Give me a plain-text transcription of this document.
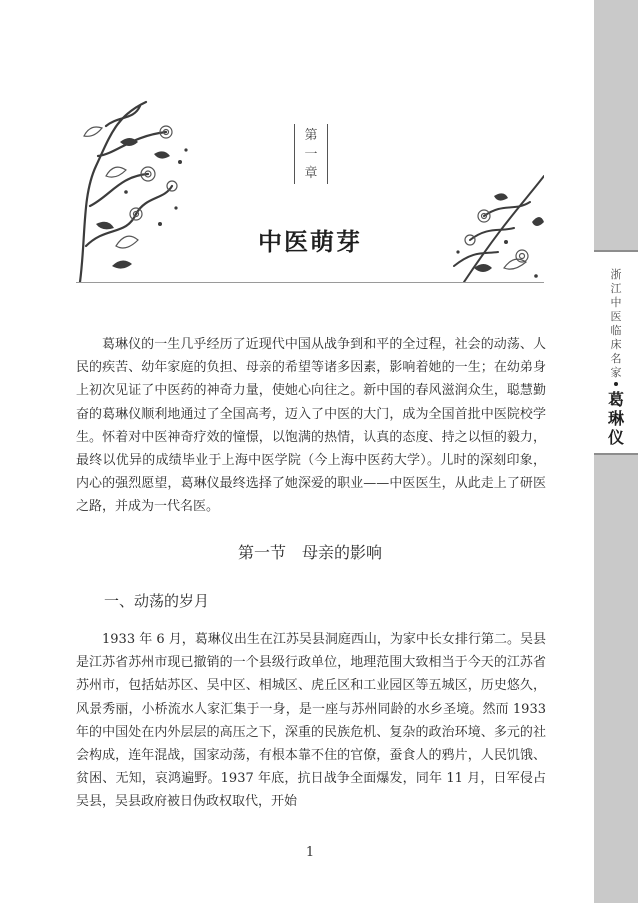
浙江中医临床名家
葛琳仪
第
一
章
中医萌芽

葛琳仪的一生几乎经历了近现代中国从战争到和平的全过程，社会的动荡、人民的疾苦、幼年家庭的负担、母亲的希望等诸多因素，影响着她的一生；在幼弟身上初次见证了中医药的神奇力量，使她心向往之。新中国的春风滋润众生，聪慧勤奋的葛琳仪顺利地通过了全国高考，迈入了中医的大门，成为全国首批中医院校学生。怀着对中医神奇疗效的憧憬，以饱满的热情，认真的态度、持之以恒的毅力，最终以优异的成绩毕业于上海中医学院（今上海中医药大学）。儿时的深刻印象，内心的强烈愿望，葛琳仪最终选择了她深爱的职业——中医医生，从此走上了研医之路，并成为一代名医。

第一节　母亲的影响
一、动荡的岁月

1933 年 6 月，葛琳仪出生在江苏吴县洞庭西山，为家中长女排行第二。吴县是江苏省苏州市现已撤销的一个县级行政单位，地理范围大致相当于今天的江苏省苏州市，包括姑苏区、吴中区、相城区、虎丘区和工业园区等五城区，历史悠久，风景秀丽，小桥流水人家汇集于一身，是一座与苏州同龄的水乡圣境。然而 1933 年的中国处在内外层层的高压之下，深重的民族危机、复杂的政治环境、多元的社会构成，连年混战，国家动荡，有根本靠不住的官僚，蚕食人的鸦片，人民饥饿、贫困、无知，哀鸿遍野。1937 年底，抗日战争全面爆发，同年 11 月，日军侵占吴县，吴县政府被日伪政权取代，开始

1
